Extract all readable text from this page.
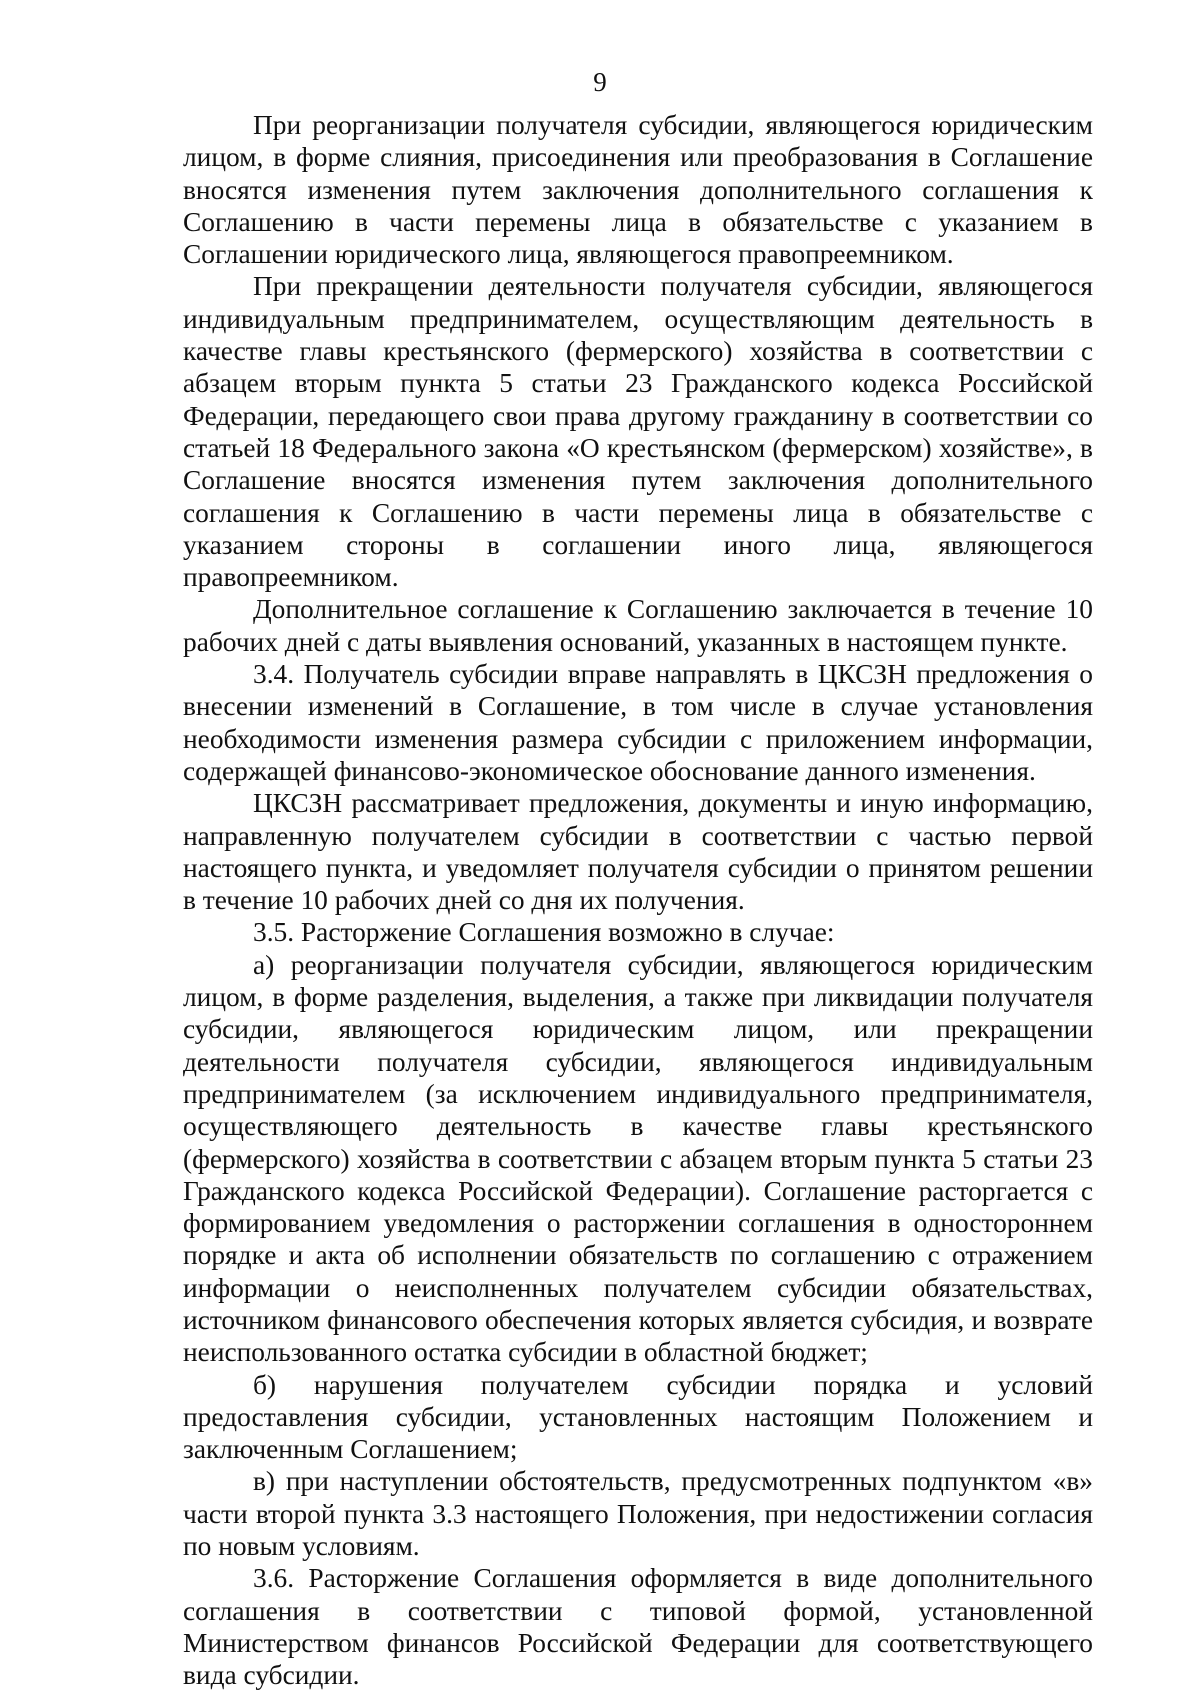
9

При реорганизации получателя субсидии, являющегося юридическим лицом, в форме слияния, присоединения или преобразования в Соглашение вносятся изменения путем заключения дополнительного соглашения к Соглашению в части перемены лица в обязательстве с указанием в Соглашении юридического лица, являющегося правопреемником.

При прекращении деятельности получателя субсидии, являющегося индивидуальным предпринимателем, осуществляющим деятельность в качестве главы крестьянского (фермерского) хозяйства в соответствии с абзацем вторым пункта 5 статьи 23 Гражданского кодекса Российской Федерации, передающего свои права другому гражданину в соответствии со статьей 18 Федерального закона «О крестьянском (фермерском) хозяйстве», в Соглашение вносятся изменения путем заключения дополнительного соглашения к Соглашению в части перемены лица в обязательстве с указанием стороны в соглашении иного лица, являющегося правопреемником.

Дополнительное соглашение к Соглашению заключается в течение 10 рабочих дней с даты выявления оснований, указанных в настоящем пункте.

3.4. Получатель субсидии вправе направлять в ЦКСЗН предложения о внесении изменений в Соглашение, в том числе в случае установления необходимости изменения размера субсидии с приложением информации, содержащей финансово-экономическое обоснование данного изменения.

ЦКСЗН рассматривает предложения, документы и иную информацию, направленную получателем субсидии в соответствии с частью первой настоящего пункта, и уведомляет получателя субсидии о принятом решении в течение 10 рабочих дней со дня их получения.

3.5. Расторжение Соглашения возможно в случае:

а) реорганизации получателя субсидии, являющегося юридическим лицом, в форме разделения, выделения, а также при ликвидации получателя субсидии, являющегося юридическим лицом, или прекращении деятельности получателя субсидии, являющегося индивидуальным предпринимателем (за исключением индивидуального предпринимателя, осуществляющего деятельность в качестве главы крестьянского (фермерского) хозяйства в соответствии с абзацем вторым пункта 5 статьи 23 Гражданского кодекса Российской Федерации). Соглашение расторгается с формированием уведомления о расторжении соглашения в одностороннем порядке и акта об исполнении обязательств по соглашению с отражением информации о неисполненных получателем субсидии обязательствах, источником финансового обеспечения которых является субсидия, и возврате неиспользованного остатка субсидии в областной бюджет;

б) нарушения получателем субсидии порядка и условий предоставления субсидии, установленных настоящим Положением и заключенным Соглашением;

в) при наступлении обстоятельств, предусмотренных подпунктом «в» части второй пункта 3.3 настоящего Положения, при недостижении согласия по новым условиям.

3.6. Расторжение Соглашения оформляется в виде дополнительного соглашения в соответствии с типовой формой, установленной Министерством финансов Российской Федерации для соответствующего вида субсидии.
